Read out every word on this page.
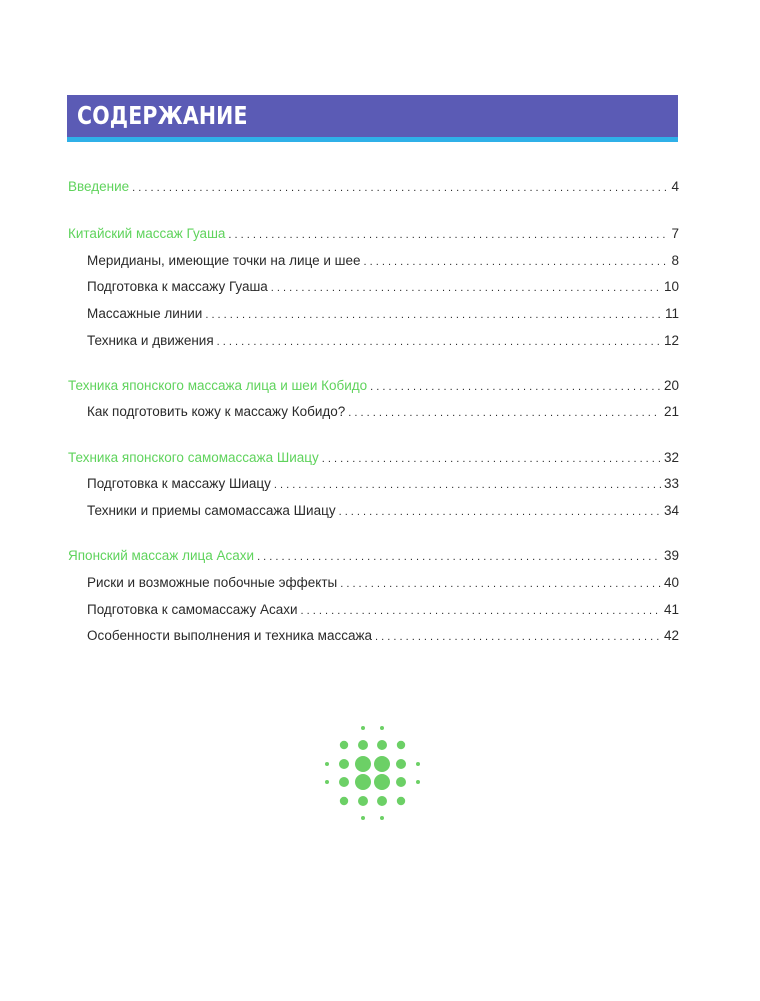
СОДЕРЖАНИЕ
Введение . . .	4
Китайский массаж Гуаша . . .	7
Меридианы, имеющие точки на лице и шее . . .	8
Подготовка к массажу Гуаша . . .	10
Массажные линии . . .	11
Техника и движения . . .	12
Техника японского массажа лица и шеи Кобидо . . .	20
Как подготовить кожу к массажу Кобидо? . . .	21
Техника японского самомассажа Шиацу . . .	32
Подготовка к массажу Шиацу . . .	33
Техники и приемы самомассажа Шиацу . . .	34
Японский массаж лица Асахи . . .	39
Риски и возможные побочные эффекты . . .	40
Подготовка к самомассажу Асахи . . .	41
Особенности выполнения и техника массажа . . .	42
